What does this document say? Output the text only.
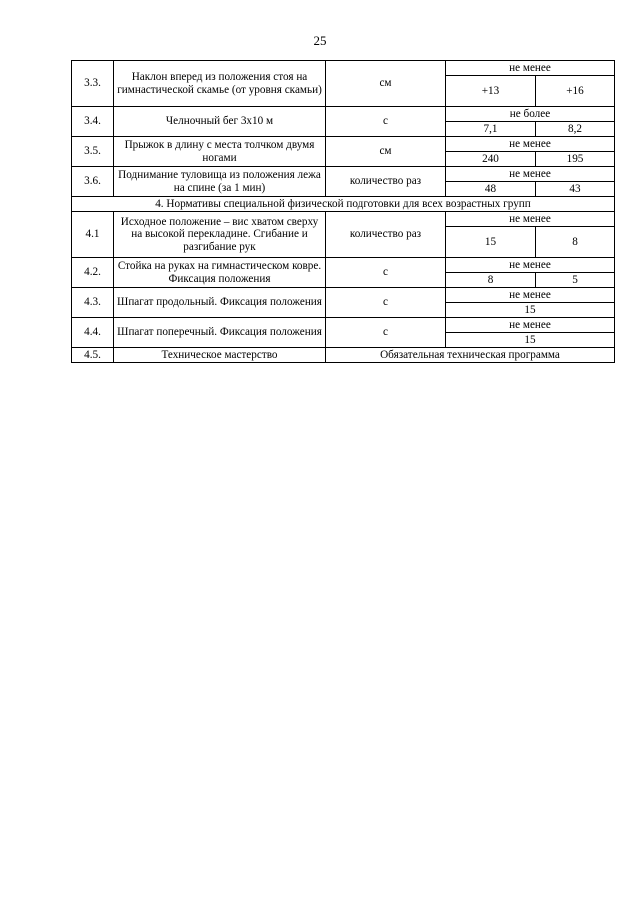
25
3.3.	Наклон вперед из положения стоя на гимнастической скамье (от уровня скамьи)	см	не менее	
			+13	+16
3.4.	Челночный бег 3x10 м	с	не более	
			7,1	8,2
3.5.	Прыжок в длину с места толчком двумя ногами	см	не менее	
			240	195
3.6.	Поднимание туловища из положения лежа на спине (за 1 мин)	количество раз	не менее	
			48	43
4. Нормативы специальной физической подготовки для всех возрастных групп				
4.1	Исходное положение – вис хватом сверху на высокой перекладине. Сгибание и разгибание рук	количество раз	не менее	
			15	8
4.2.	Стойка на руках на гимнастическом ковре. Фиксация положения	с	не менее	
			8	5
4.3.	Шпагат продольный. Фиксация положения	с	не менее	
			15	
4.4.	Шпагат поперечный. Фиксация положения	с	не менее	
			15	
4.5.	Техническое мастерство	Обязательная техническая программа		
